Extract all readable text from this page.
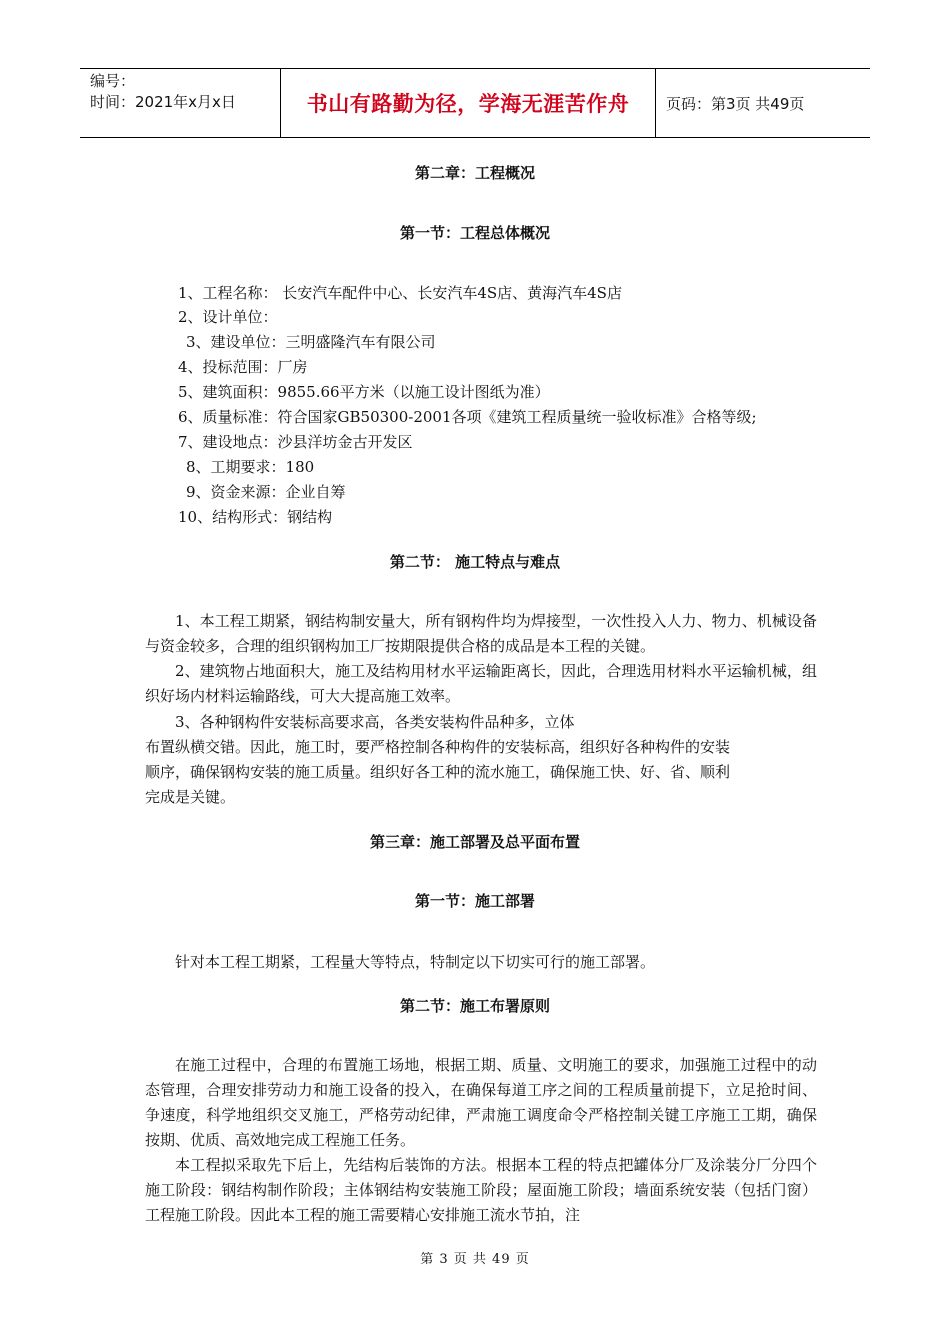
编号：
时间：2021年x月x日	书山有路勤为径，学海无涯苦作舟	页码：第3页 共49页
第二章：工程概况
第一节：工程总体概况
1、工程名称： 长安汽车配件中心、长安汽车4S店、黄海汽车4S店
2、设计单位：
3、建设单位：三明盛隆汽车有限公司
4、投标范围：厂房
5、建筑面积：9855.66平方米（以施工设计图纸为准）
6、质量标准：符合国家GB50300-2001各项《建筑工程质量统一验收标准》合格等级;
7、建设地点：沙县洋坊金古开发区
8、工期要求：180
9、资金来源：企业自筹
10、结构形式：钢结构
第二节： 施工特点与难点

1、本工程工期紧，钢结构制安量大，所有钢构件均为焊接型，一次性投入人力、物力、机械设备与资金较多，合理的组织钢构加工厂按期限提供合格的成品是本工程的关键。

2、建筑物占地面积大，施工及结构用材水平运输距离长，因此，合理选用材料水平运输机械，组织好场内材料运输路线，可大大提高施工效率。

3、各种钢构件安装标高要求高，各类安装构件品种多，立体
布置纵横交错。因此，施工时，要严格控制各种构件的安装标高，组织好各种构件的安装
顺序，确保钢构安装的施工质量。组织好各工种的流水施工，确保施工快、好、省、顺利
完成是关键。
第三章：施工部署及总平面布置
第一节：施工部署
针对本工程工期紧，工程量大等特点，特制定以下切实可行的施工部署。
第二节：施工布署原则

在施工过程中，合理的布置施工场地，根据工期、质量、文明施工的要求，加强施工过程中的动态管理，合理安排劳动力和施工设备的投入，在确保每道工序之间的工程质量前提下，立足抢时间、争速度，科学地组织交叉施工，严格劳动纪律，严肃施工调度命令严格控制关键工序施工工期，确保按期、优质、高效地完成工程施工任务。

本工程拟采取先下后上，先结构后装饰的方法。根据本工程的特点把罐体分厂及涂装分厂分四个施工阶段：钢结构制作阶段；主体钢结构安装施工阶段；屋面施工阶段；墙面系统安装（包括门窗）工程施工阶段。因此本工程的施工需要精心安排施工流水节拍，注

第 3 页 共 49 页
